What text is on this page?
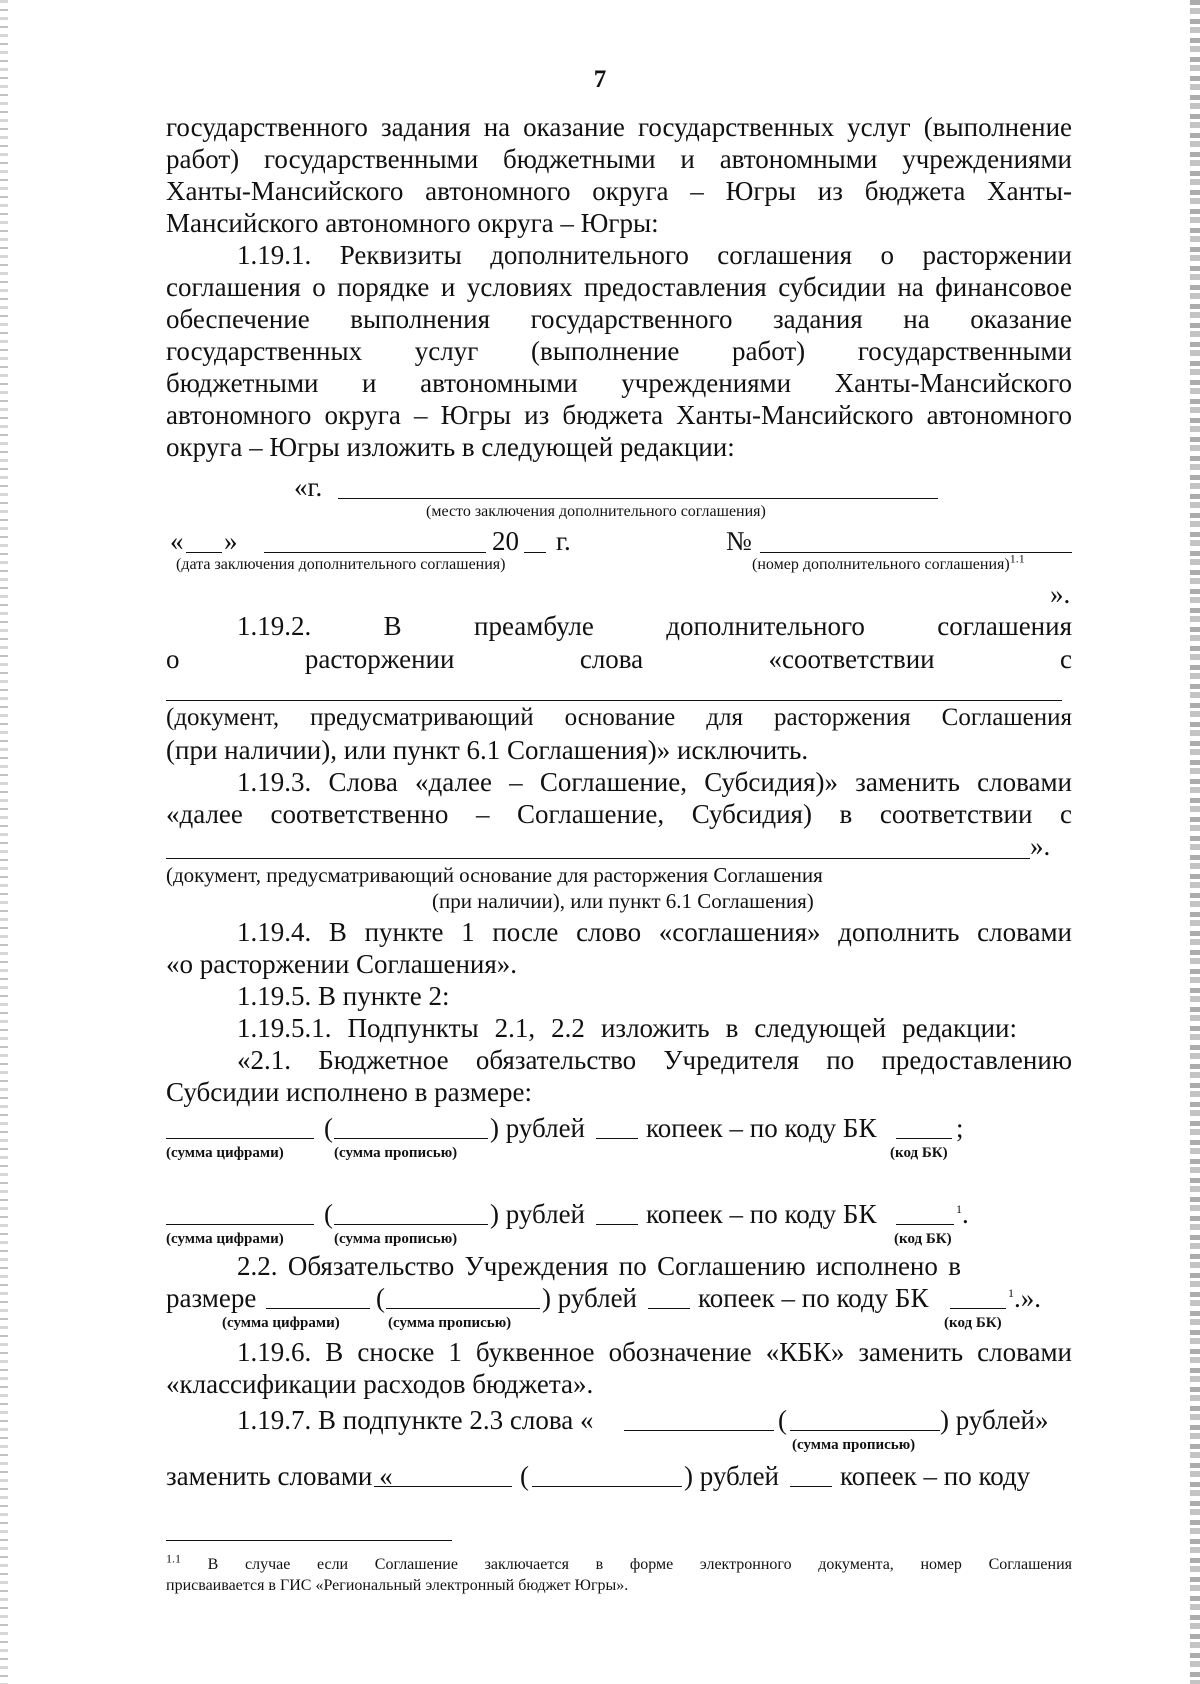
7
государственного задания на оказание государственных услуг (выполнение
работ) государственными бюджетными и автономными учреждениями
Ханты-Мансийского автономного округа – Югры из бюджета Ханты-
Мансийского автономного округа – Югры:
1.19.1. Реквизиты дополнительного соглашения о расторжении
соглашения о порядке и условиях предоставления субсидии на финансовое
обеспечение выполнения государственного задания на оказание
государственных услуг (выполнение работ) государственными
бюджетными и автономными учреждениями Ханты-Мансийского
автономного округа – Югры из бюджета Ханты-Мансийского автономного
округа – Югры изложить в следующей редакции:
«г.
(место заключения дополнительного соглашения)
«	»	20	г.	№
(дата заключения дополнительного соглашения)	(номер дополнительного соглашения)$^{1.1}$
».
1.19.2. В преамбуле дополнительного соглашения
о расторжении слова «соответствии с
(документ, предусматривающий основание для расторжения Соглашения
(при наличии), или пункт 6.1 Соглашения)» исключить.
1.19.3. Слова «далее – Соглашение, Субсидия)» заменить словами
«далее соответственно – Соглашение, Субсидия) в соответствии с
».
(документ, предусматривающий основание для расторжения Соглашения
(при наличии), или пункт 6.1 Соглашения)
1.19.4. В пункте 1 после слово «соглашения» дополнить словами
«о расторжении Соглашения».
1.19.5. В пункте 2:
1.19.5.1. Подпункты 2.1, 2.2 изложить в следующей редакции:
«2.1. Бюджетное обязательство Учредителя по предоставлению
Субсидии исполнено в размере:
(	) рублей	копеек – по коду БК	;
(сумма цифрами)	(сумма прописью)	(код БК)
(	) рублей	копеек – по коду БК	$^1$.
(сумма цифрами)	(сумма прописью)	(код БК)
2.2. Обязательство Учреждения по Соглашению исполнено в
размере	(	) рублей	копеек – по коду БК	$^1$.».
(сумма цифрами)	(сумма прописью)	(код БК)
1.19.6. В сноске 1 буквенное обозначение «КБК» заменить словами
«классификации расходов бюджета».
1.19.7. В подпункте 2.3 слова «	(	) рублей»
(сумма прописью)
заменить словами «	(	) рублей	копеек – по коду
$^{1.1}$ В случае если Соглашение заключается в форме электронного документа, номер Соглашения
присваивается в ГИС «Региональный электронный бюджет Югры».
